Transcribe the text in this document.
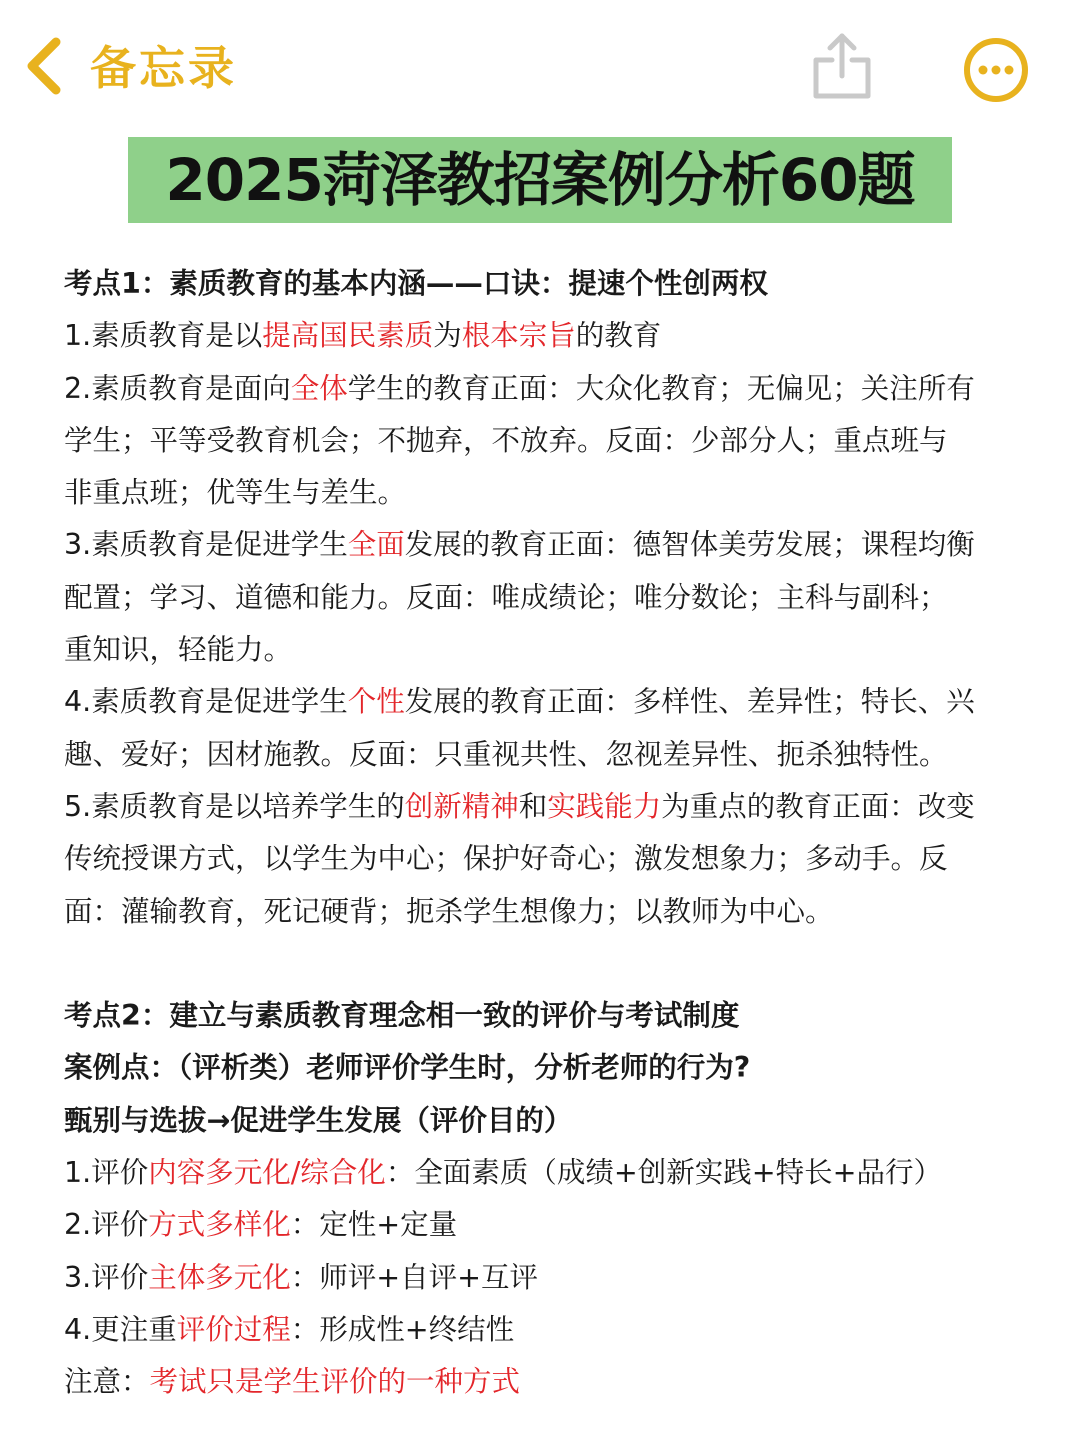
备忘录
2025菏泽教招案例分析60题
考点1：素质教育的基本内涵——口诀：提速个性创两权
1.素质教育是以提高国民素质为根本宗旨的教育
2.素质教育是面向全体学生的教育正面：大众化教育；无偏见；关注所有
学生；平等受教育机会；不抛弃，不放弃。反面：少部分人；重点班与
非重点班；优等生与差生。
3.素质教育是促进学生全面发展的教育正面：德智体美劳发展；课程均衡
配置；学习、道德和能力。反面：唯成绩论；唯分数论；主科与副科；
重知识，轻能力。
4.素质教育是促进学生个性发展的教育正面：多样性、差异性；特长、兴
趣、爱好；因材施教。反面：只重视共性、忽视差异性、扼杀独特性。
5.素质教育是以培养学生的创新精神和实践能力为重点的教育正面：改变
传统授课方式，以学生为中心；保护好奇心；激发想象力；多动手。反
面：灌输教育，死记硬背；扼杀学生想像力；以教师为中心。
考点2：建立与素质教育理念相一致的评价与考试制度
案例点：（评析类）老师评价学生时，分析老师的行为?
甄别与选拔→促进学生发展（评价目的）
1.评价内容多元化/综合化：全面素质（成绩+创新实践+特长+品行）
2.评价方式多样化：定性+定量
3.评价主体多元化：师评+自评+互评
4.更注重评价过程：形成性+终结性
注意：考试只是学生评价的一种方式
